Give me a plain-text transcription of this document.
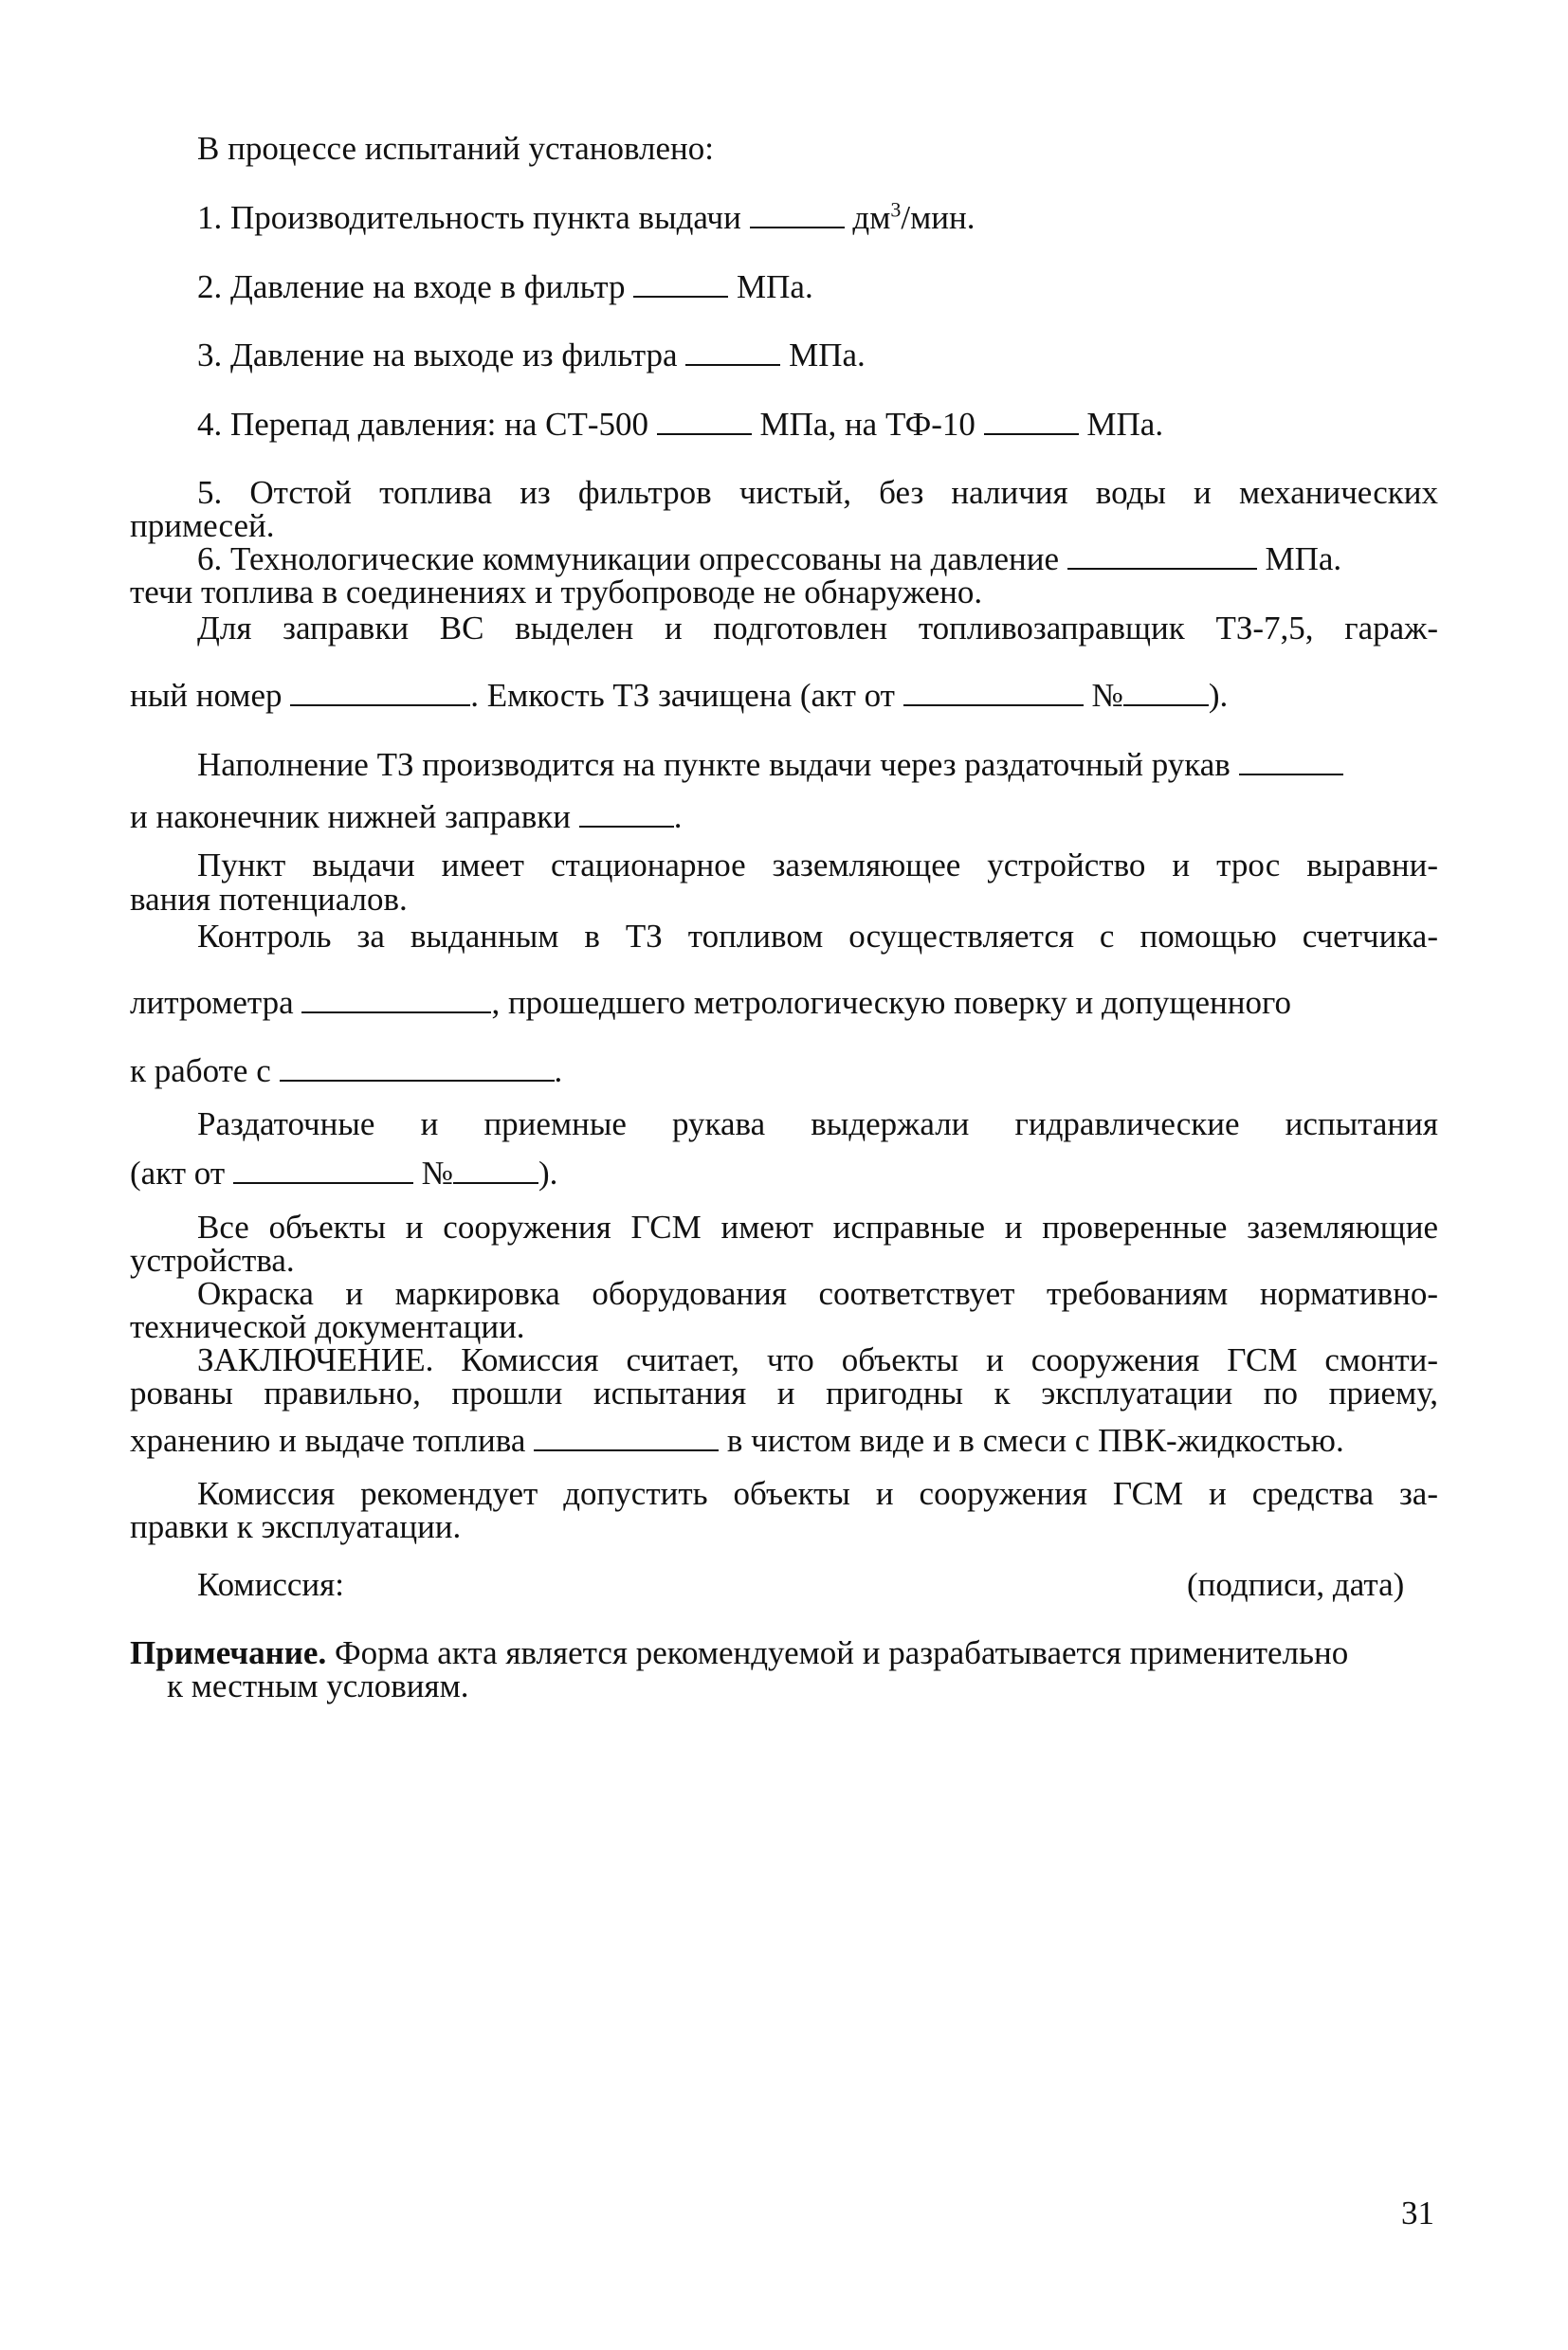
В процессе испытаний установлено:
1. Производительность пункта выдачи	$дм^3$/мин.
2. Давление на входе в фильтр	МПа.
3. Давление на выходе из фильтра	МПа.
4. Перепад давления: на СТ-500	МПа, на ТФ-10	МПа.
5. Отстой топлива из фильтров чистый, без наличия воды и механических
примесей.
6. Технологические коммуникации опрессованы на давление	МПа.
течи топлива в соединениях и трубопроводе не обнаружено.
Для заправки ВС выделен и подготовлен топливозаправщик ТЗ-7,5, гараж-
ный номер	. Емкость ТЗ зачищена (акт от	№	).
Наполнение ТЗ производится на пункте выдачи через раздаточный рукав
и наконечник нижней заправки	.
Пункт выдачи имеет стационарное заземляющее устройство и трос выравни-
вания потенциалов.
Контроль за выданным в ТЗ топливом осуществляется с помощью счетчика-
литрометра	, прошедшего метрологическую поверку и допущенного
к работе с	.
Раздаточные и приемные рукава выдержали гидравлические испытания
(акт от	№	).
Все объекты и сооружения ГСМ имеют исправные и проверенные заземляющие
устройства.
Окраска и маркировка оборудования соответствует требованиям нормативно-
технической документации.
ЗАКЛЮЧЕНИЕ. Комиссия считает, что объекты и сооружения ГСМ смонти-
рованы правильно, прошли испытания и пригодны к эксплуатации по приему,
хранению и выдаче топлива	в чистом виде и в смеси с ПВК-жидкостью.
Комиссия рекомендует допустить объекты и сооружения ГСМ и средства за-
правки к эксплуатации.
Комиссия:	(подписи, дата)
Примечание. Форма акта является рекомендуемой и разрабатывается применительно
к местным условиям.
31
